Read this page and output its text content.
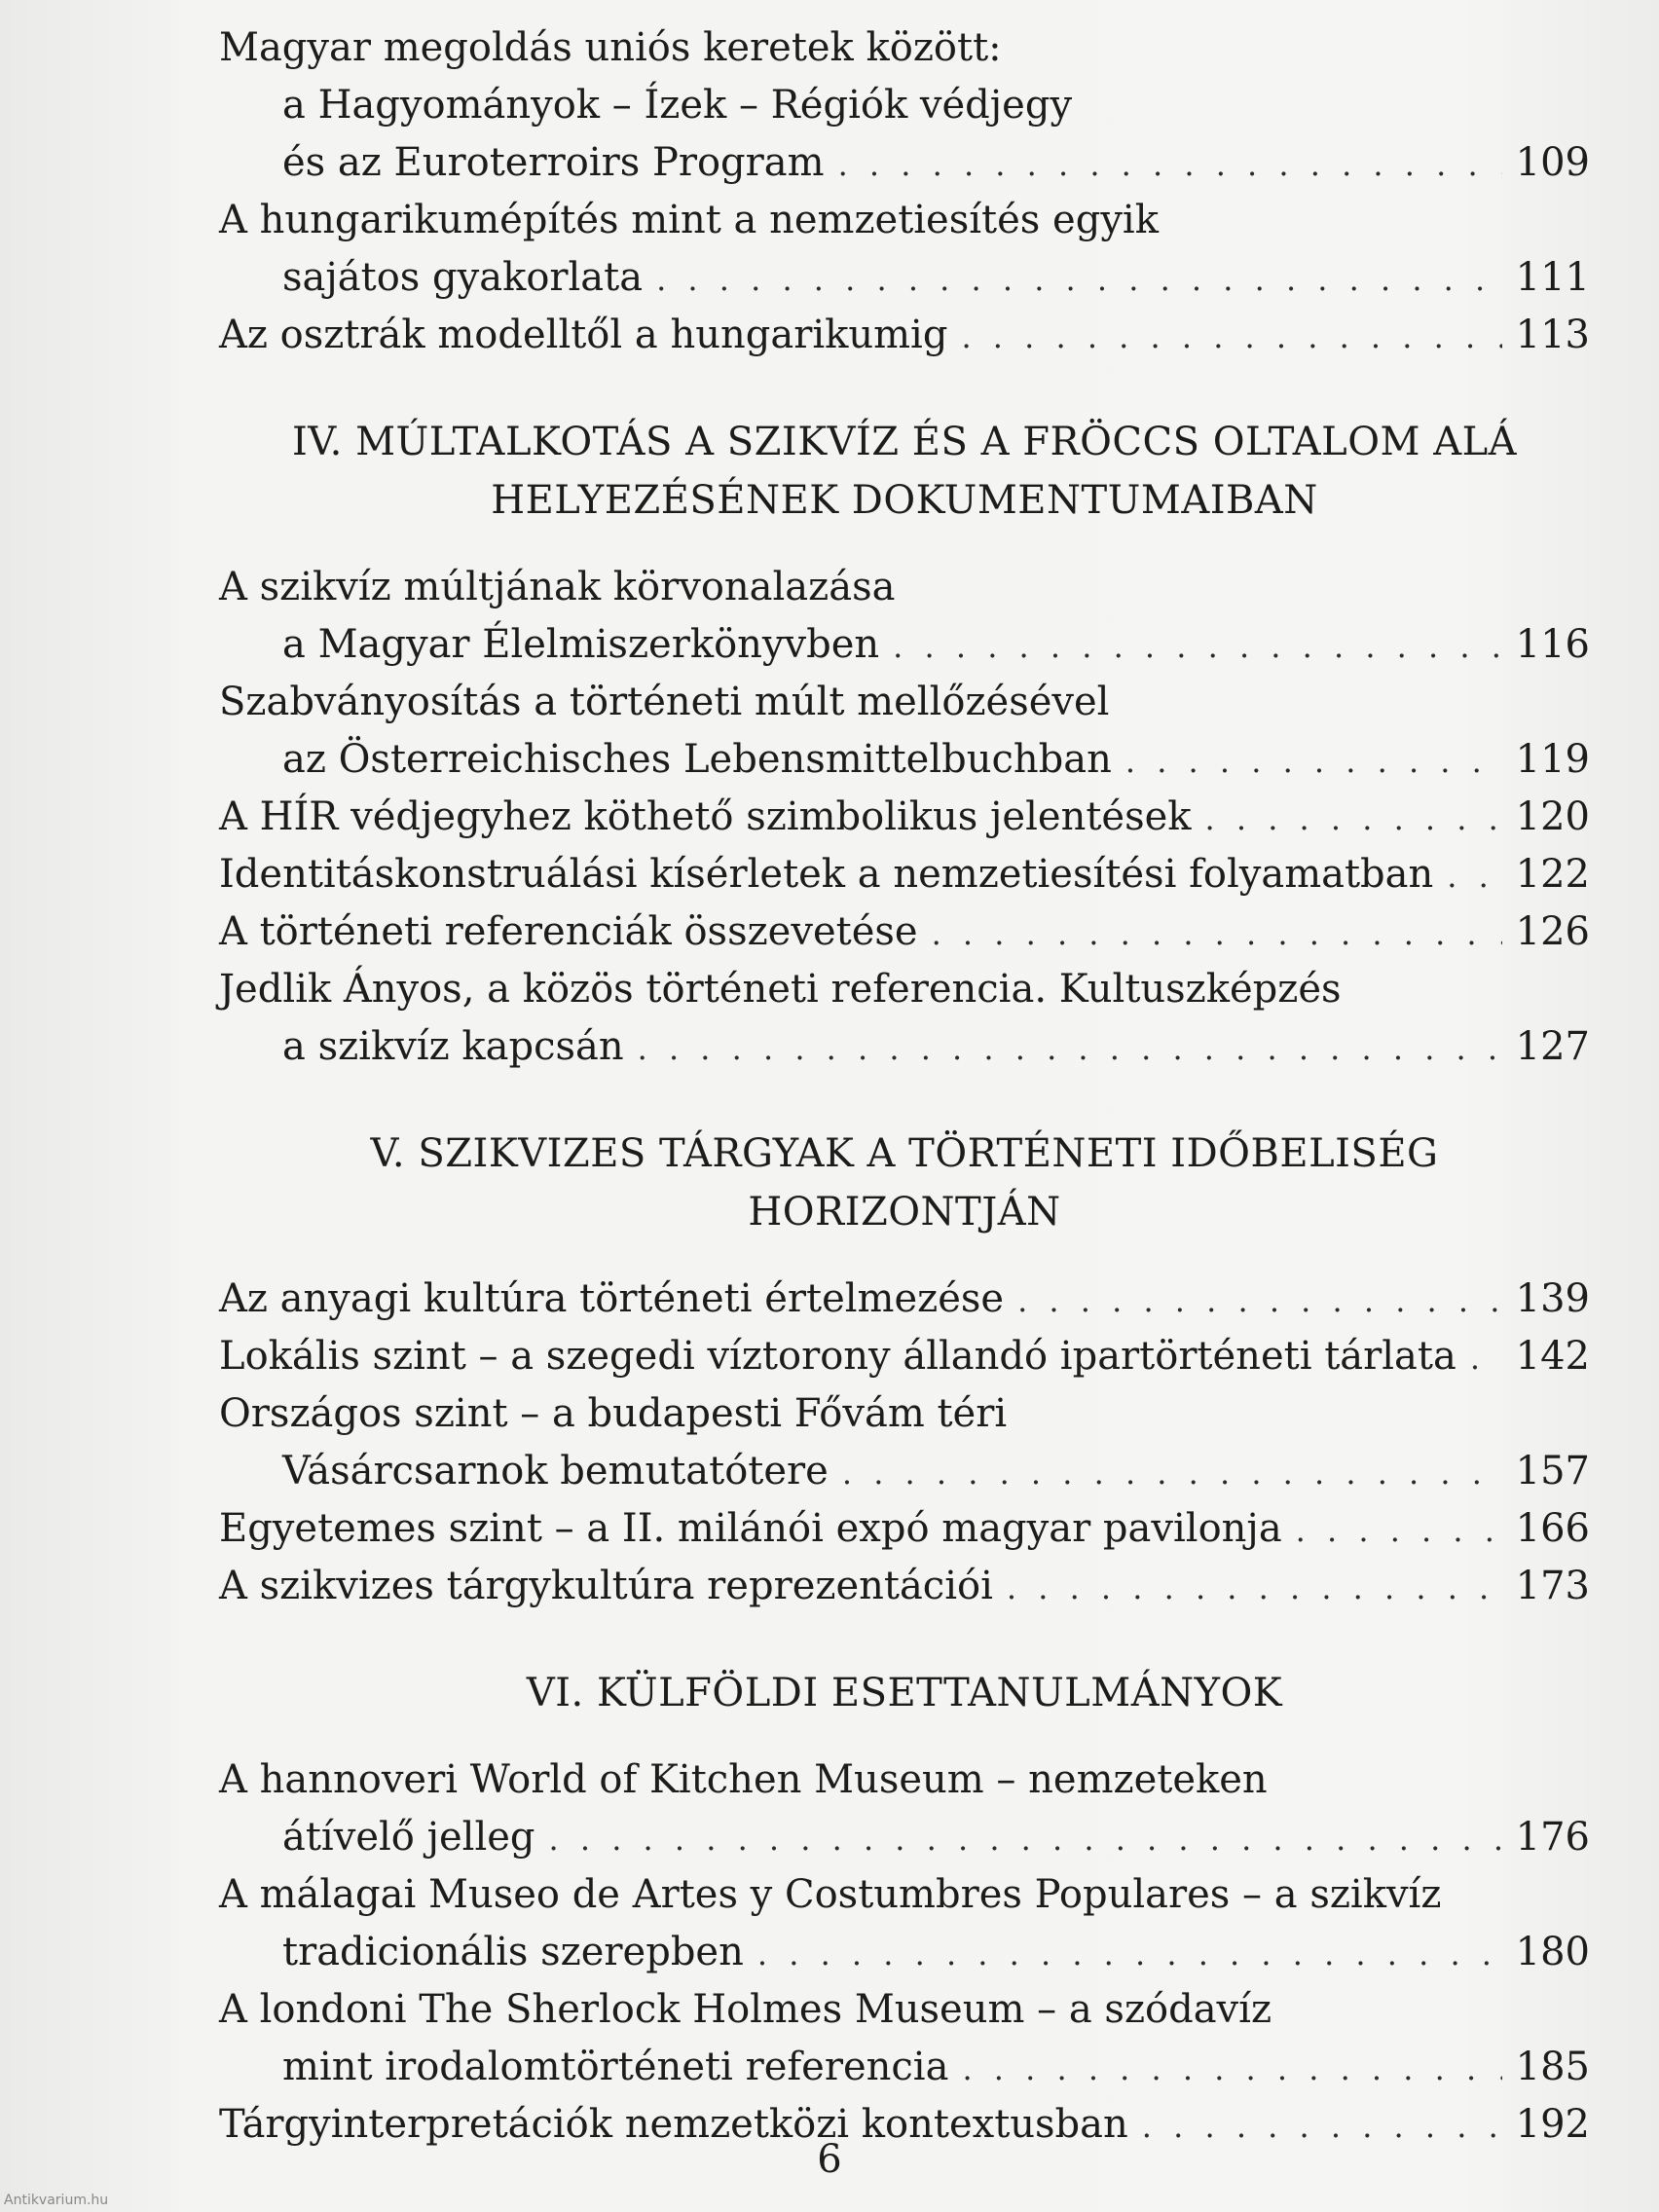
Magyar megoldás uniós keretek között:
a Hagyományok – Ízek – Régiók védjegy
és az Euroterroirs Program . . .	109
A hungarikumépítés mint a nemzetiesítés egyik
sajátos gyakorlata . . .	111
Az osztrák modelltől a hungarikumig . . .	113
IV. MÚLTALKOTÁS A SZIKVÍZ ÉS A FRÖCCS OLTALOM ALÁ
HELYEZÉSÉNEK DOKUMENTUMAIBAN
A szikvíz múltjának körvonalazása
a Magyar Élelmiszerkönyvben . . .	116
Szabványosítás a történeti múlt mellőzésével
az Österreichisches Lebensmittelbuchban . . .	119
A HÍR védjegyhez köthető szimbolikus jelentések . . .	120
Identitáskonstruálási kísérletek a nemzetiesítési folyamatban . . . 122
A történeti referenciák összevetése . . .	126
Jedlik Ányos, a közös történeti referencia. Kultuszképzés
a szikvíz kapcsán . . .	127
V. SZIKVIZES TÁRGYAK A TÖRTÉNETI IDŐBELISÉG
HORIZONTJÁN
Az anyagi kultúra történeti értelmezése . . .	139
Lokális szint – a szegedi víztorony állandó ipartörténeti tárlata . . . 142
Országos szint – a budapesti Fővám téri
Vásárcsarnok bemutatótere . . .	157
Egyetemes szint – a II. milánói expó magyar pavilonja . . .	166
A szikvizes tárgykultúra reprezentációi . . .	173
VI. KÜLFÖLDI ESETTANULMÁNYOK
A hannoveri World of Kitchen Museum – nemzeteken
átívelő jelleg . . .	176
A málagai Museo de Artes y Costumbres Populares – a szikvíz
tradicionális szerepben . . .	180
A londoni The Sherlock Holmes Museum – a szódavíz
mint irodalomtörténeti referencia . . .	185
Tárgyinterpretációk nemzetközi kontextusban . . .	192
6
Antikvarium.hu
